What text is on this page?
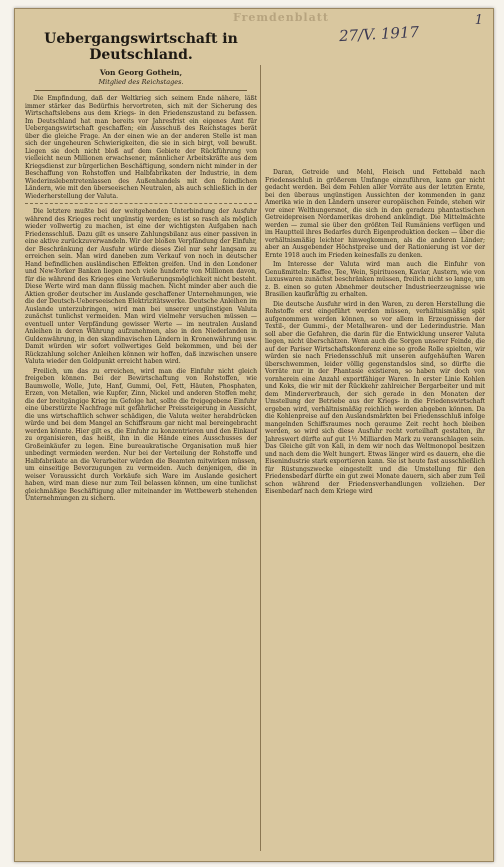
Fremdenblatt
27/V. 1917
1
Uebergangswirtschaft in Deutschland.
Von Georg Gothein,
Mitglied des Reichstages.

Die Empfindung, daß der Weltkrieg sich seinem Ende nähere, läßt immer stärker das Bedürfnis hervortreten, sich mit der Sicherung des Wirtschaftslebens aus dem Kriegs- in den Friedenszustand zu befassen. Im Deutschland hat man bereits vor Jahresfrist ein eigenes Amt für Uebergangswirtschaft geschaffen; ein Ausschuß des Reichstages berät über die gleiche Frage. An der einen wie an der anderen Stelle ist man sich der ungeheuren Schwierigkeiten, die sie in sich birgt, voll bewußt. Liegen sie doch nicht bloß auf dem Gebiete der Rückführung von vielleicht neun Millionen erwachsener, männlicher Arbeitskräfte aus dem Kriegsdienst zur bürgerlichen Beschäftigung, sondern nicht minder in der Beschaffung von Rohstoffen und Halbfabrikaten der Industrie, in dem Wiederinslebentretenlassen des Außenhandels mit den feindlichen Ländern, wie mit den überseeischen Neutralen, als auch schließlich in der Wiederherstellung der Valuta.

Die letztere mußte bei der weitgehenden Unterbindung der Ausfuhr während des Krieges recht ungünstig werden; es ist so rasch als möglich wieder vollwertig zu machen, ist eine der wichtigsten Aufgaben nach Friedensschluß. Dazu gilt es unsere Zahlungsbilanz aus einer passiven in eine aktive zurückzuverwandeln. Wir der bloßen Verpfändung der Einfuhr, der Beschränkung der Ausfuhr würde dieses Ziel nur sehr langsam zu erreichen sein. Man wird daneben zum Verkauf von noch in deutscher Hand befindlichen ausländischen Effekten greifen. Und in den Londoner und New-Yorker Banken liegen noch viele hunderte von Millionen davon, für die während des Krieges eine Veräußerungsmöglichkeit nicht besteht. Diese Werte wird man dann flüssig machen. Nicht minder aber auch die Aktien großer deutscher im Auslande geschaffener Unternehmungen, wie die der Deutsch-Ueberseeischen Elektrizitätswerke. Deutsche Anleihen im Auslande unterzubringen, wird man bei unserer ungünstigen Valuta zunächst tunlichst vermeiden. Man wird vielmehr versuchen müssen — eventuell unter Verpfändung gewisser Werte — im neutralen Ausland Anleihen in deren Währung aufzunehmen, also in den Niederlanden in Guldenwährung, in den skandinavischen Ländern in Kronenwährung usw. Damit würden wir sofort vollwertiges Geld bekommen, und bei der Rückzahlung solcher Anleihen können wir hoffen, daß inzwischen unsere Valuta wieder den Goldpunkt erreicht haben wird.

Freilich, um das zu erreichen, wird man die Einfuhr nicht gleich freigeben können. Bei der Bewirtschaftung von Rohstoffen, wie Baumwolle, Wolle, Jute, Hanf, Gummi, Oel, Fett, Häuten, Phosphaten, Erzen, von Metallen, wie Kupfer, Zinn, Nickel und anderen Stoffen mehr, die der breitgängige Krieg im Gefolge hat, sollte die freigegebene Einfuhr eine überstürzte Nachfrage mit gefährlicher Preissteigerung in Aussicht, die uns wirtschaftlich schwer schädigen, die Valuta weiter herabdrücken würde und bei dem Mangel an Schiffsraum gar nicht mal bereingebracht werden könnte. Hier gilt es, die Einfuhr zu konzentrieren und den Einkauf zu organisieren, das heißt, ihn in die Hände eines Ausschusses der Großeinkäufer zu legen. Eine bureaukratische Organisation muß hier unbedingt vermieden werden. Nur bei der Verteilung der Rohstoffe und Halbfabrikate an die Verarbeiter würden die Beamten mitwirken müssen, um einseitige Bevorzugungen zu vermeiden. Auch denjenigen, die in weiser Voraussicht durch Vorkäufe sich Ware im Auslande gesichert haben, wird man diese nur zum Teil belassen können, um eine tunlichst gleichmäßige Beschäftigung aller miteinander im Wettbewerb stehenden Unternehmungen zu sichern.

Daran, Getreide und Mehl, Fleisch und Fettebald nach Friedensschluß in größerem Umfange einzuführen, kann gar nicht gedacht werden. Bei dem Fehlen aller Vorräte aus der letzten Ernte, bei den überaus ungünstigen Aussichten der kommenden in ganz Amerika wie in den Ländern unserer europäischen Feinde, stehen wir vor einer Welthungersnot, die sich in den geradezu phantastischen Getreidepreisen Nordamerikas drohend ankündigt. Die Mittelmächte werden — zumal sie über den größten Teil Rumäniens verfügen und im Hauptteil ihres Bedarfes durch Eigenproduktion decken — über die verhältnismäßig leichter hinwegkommen, als die anderen Länder; aber an Ausgebender Höchstpreise und der Rationierung ist vor der Ernte 1918 auch im Frieden keinesfalls zu denken.

Im Interesse der Valuta wird man auch die Einfuhr von Genußmitteln: Kaffee, Tee, Wein, Spirituosen, Kaviar, Austern, wie von Luxuswaren zunächst beschränken müssen, freilich nicht so lange, um z. B. einen so guten Abnehmer deutscher Industrieerzeugnisse wie Brasilien kaufkräftig zu erhalten.

Die deutsche Ausfuhr wird in den Waren, zu deren Herstellung die Rohstoffe erst eingeführt werden müssen, verhältnismäßig spät aufgenommen werden können, so vor allem in Erzeugnissen der Textil-, der Gummi-, der Metallwaren- und der Lederindustrie. Man soll aber die Gefahren, die darin für die Entwicklung unserer Valuta liegen, nicht überschätzen. Wenn auch die Sorgen unserer Feinde, die auf der Pariser Wirtschaftskonferenz eine so große Rolle spielten, wir würden sie nach Friedensschluß mit unseren aufgehäuften Waren überschwemmen, leider völlig gegenstandslos sind, so dürfte die Vorräte nur in der Phantasie existieren, so haben wir doch von vornherein eine Anzahl exportfähiger Waren. In erster Linie Kohlen und Koks, die wir mit der Rückkehr zahlreicher Bergarbeiter und mit dem Minderverbrauch, der sich gerade in den Monaten der Umstellung der Betriebe aus der Kriegs- in die Friedenswirtschaft ergeben wird, verhältnismäßig reichlich werden abgeben können. Da die Kohlenpreise auf den Auslandsmärkten bei Friedensschluß infolge mangelnden Schiffsraumes noch geraume Zeit recht hoch bleiben werden, so wird sich diese Ausfuhr recht vorteilhaft gestalten, ihr Jahreswert dürfte auf gut 1½ Milliarden Mark zu veranschlagen sein. Das Gleiche gilt von Kali, in dem wir noch das Weltmonopol besitzen und nach dem die Welt hungert. Etwas länger wird es dauern, ehe die Eisenindustrie stark exportieren kann. Sie ist heute fast ausschließlich für Rüstungszwecke eingestellt und die Umstellung für den Friedensbedarf dürfte ein gut zwei Monate dauern, sich aber zum Teil schon während der Friedensverhandlungen vollziehen. Der Eisenbedarf nach dem Kriege wird
